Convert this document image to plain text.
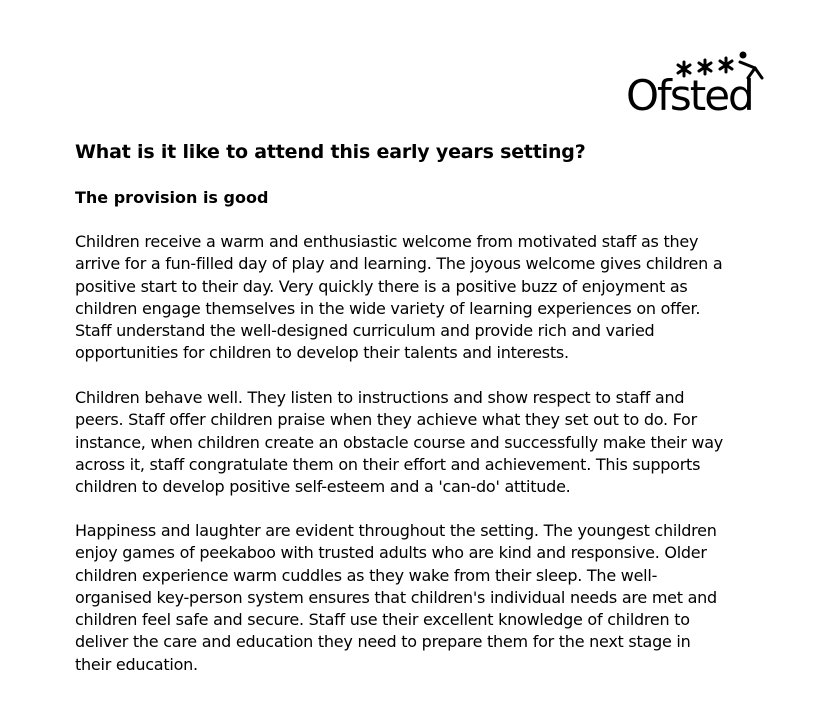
Ofsted
What is it like to attend this early years setting?
The provision is good

Children receive a warm and enthusiastic welcome from motivated staff as they
arrive for a fun-filled day of play and learning. The joyous welcome gives children a
positive start to their day. Very quickly there is a positive buzz of enjoyment as
children engage themselves in the wide variety of learning experiences on offer.
Staff understand the well-designed curriculum and provide rich and varied
opportunities for children to develop their talents and interests.

Children behave well. They listen to instructions and show respect to staff and
peers. Staff offer children praise when they achieve what they set out to do. For
instance, when children create an obstacle course and successfully make their way
across it, staff congratulate them on their effort and achievement. This supports
children to develop positive self-esteem and a 'can-do' attitude.

Happiness and laughter are evident throughout the setting. The youngest children
enjoy games of peekaboo with trusted adults who are kind and responsive. Older
children experience warm cuddles as they wake from their sleep. The well-
organised key-person system ensures that children's individual needs are met and
children feel safe and secure. Staff use their excellent knowledge of children to
deliver the care and education they need to prepare them for the next stage in
their education.
